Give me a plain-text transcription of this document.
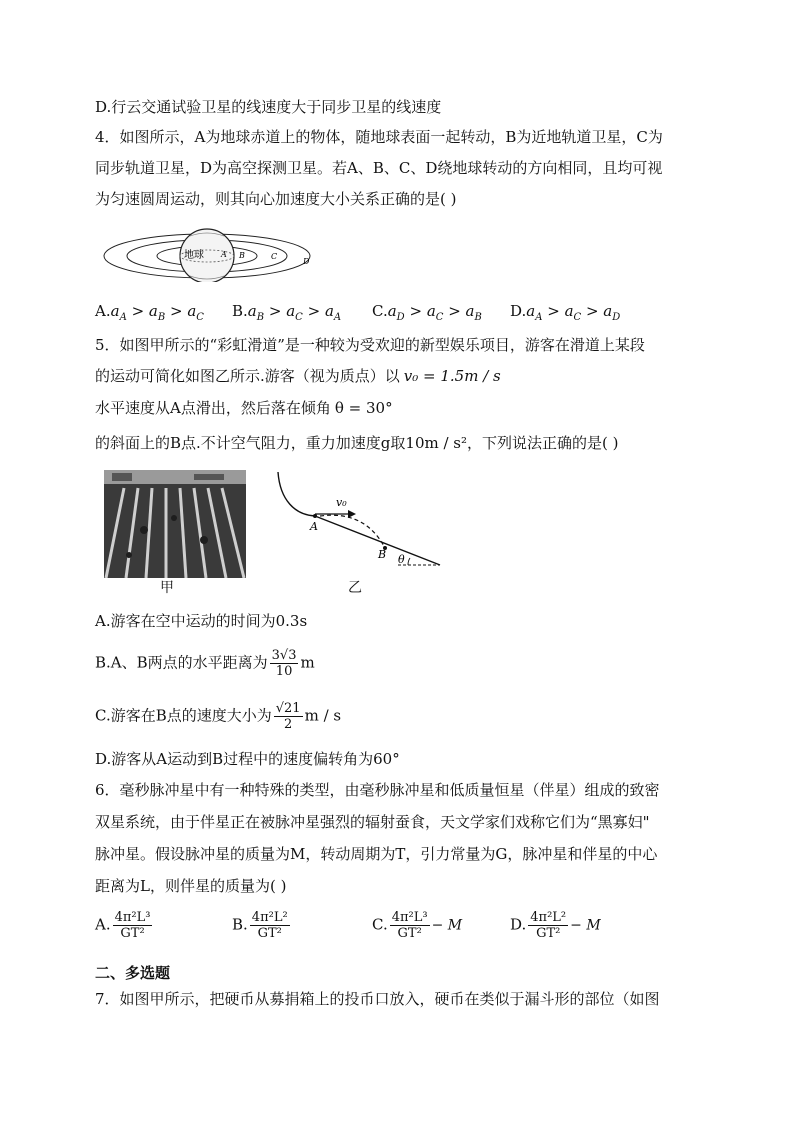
D.行云交通试验卫星的线速度大于同步卫星的线速度
4．如图所示，A为地球赤道上的物体，随地球表面一起转动，B为近地轨道卫星，C为
同步轨道卫星，D为高空探测卫星。若A、B、C、D绕地球转动的方向相同，且均可视
为匀速圆周运动，则其向心加速度大小关系正确的是( )
地球 A B	C
D
$A.a_A > a_B > a_C$ $B.a_B > a_C > a_A$ $C.a_D > a_C > a_B$ $D.a_A > a_C > a_D$
5．如图甲所示的“彩虹滑道”是一种较为受欢迎的新型娱乐项目，游客在滑道上某段
的运动可简化如图乙所示.游客（视为质点）以 v₀ = 1.5m / s
水平速度从A点滑出，然后落在倾角 θ = 30°
的斜面上的B点.不计空气阻力，重力加速度g取10m / s²，下列说法正确的是( )
甲
v₀
A
B θ
乙
A.游客在空中运动的时间为0.3s
B.A、B两点的水平距离为 $\frac{3√3}{10}$ m
C.游客在B点的速度大小为 $\frac{√21}{2}$ m / s
D.游客从A运动到B过程中的速度偏转角为60°
6．毫秒脉冲星中有一种特殊的类型，由毫秒脉冲星和低质量恒星（伴星）组成的致密
双星系统，由于伴星正在被脉冲星强烈的辐射蚕食，天文学家们戏称它们为“黑寡妇"
脉冲星。假设脉冲星的质量为M，转动周期为T，引力常量为G，脉冲星和伴星的中心
距离为L，则伴星的质量为( )
A. $\frac{\text{4π²L³}}{\text{GT²}}$	B. $\frac{\text{4π²L²}}{\text{GT²}}$	C. $\frac{\text{4π²L³}}{\text{GT²}} - M$	D. $\frac{\text{4π²L²}}{\text{GT²}} - M$
二、多选题
7．如图甲所示，把硬币从募捐箱上的投币口放入，硬币在类似于漏斗形的部位（如图
